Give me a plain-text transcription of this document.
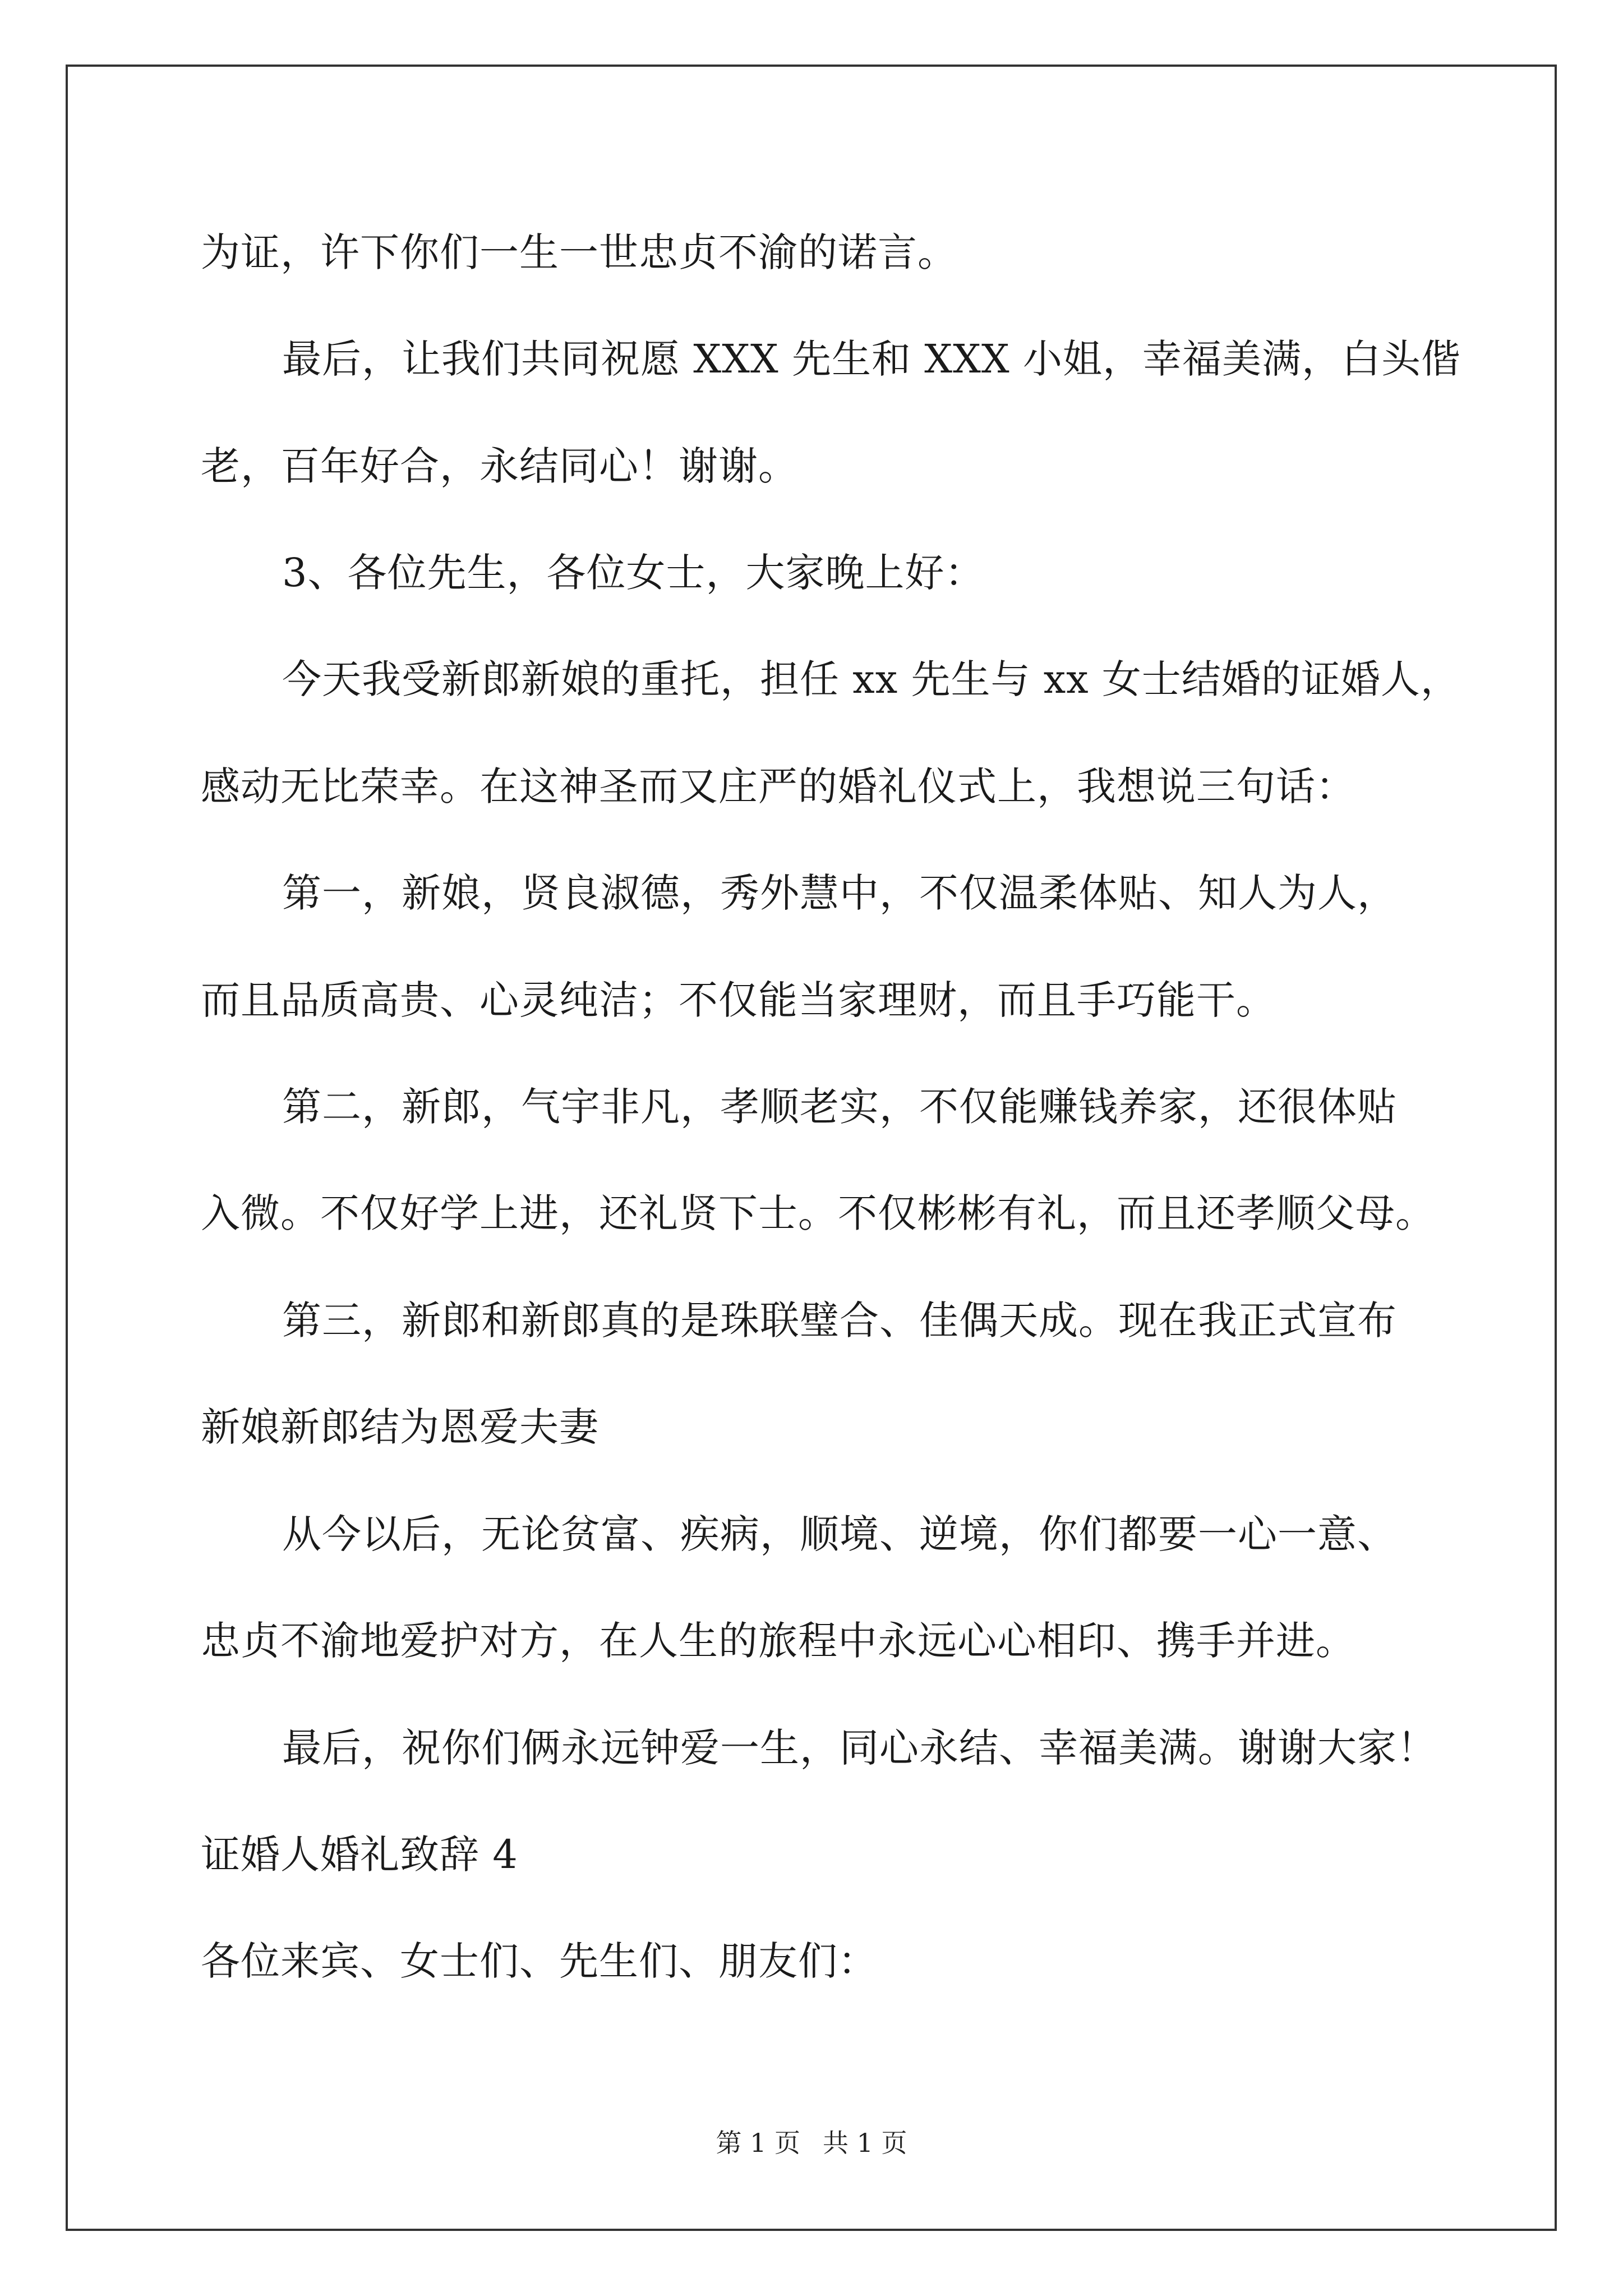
为证，许下你们一生一世忠贞不渝的诺言。
最后，让我们共同祝愿 XXX 先生和 XXX 小姐，幸福美满，白头偕
老，百年好合，永结同心！谢谢。
3、各位先生，各位女士，大家晚上好：
今天我受新郎新娘的重托，担任 xx 先生与 xx 女士结婚的证婚人，
感动无比荣幸。在这神圣而又庄严的婚礼仪式上，我想说三句话：
第一，新娘，贤良淑德，秀外慧中，不仅温柔体贴、知人为人，
而且品质高贵、心灵纯洁；不仅能当家理财，而且手巧能干。
第二，新郎，气宇非凡，孝顺老实，不仅能赚钱养家，还很体贴
入微。不仅好学上进，还礼贤下士。不仅彬彬有礼，而且还孝顺父母。
第三，新郎和新郎真的是珠联璧合、佳偶天成。现在我正式宣布
新娘新郎结为恩爱夫妻
从今以后，无论贫富、疾病，顺境、逆境，你们都要一心一意、
忠贞不渝地爱护对方，在人生的旅程中永远心心相印、携手并进。
最后，祝你们俩永远钟爱一生，同心永结、幸福美满。谢谢大家！
证婚人婚礼致辞 4
各位来宾、女士们、先生们、朋友们：
第 1 页 共 1 页
